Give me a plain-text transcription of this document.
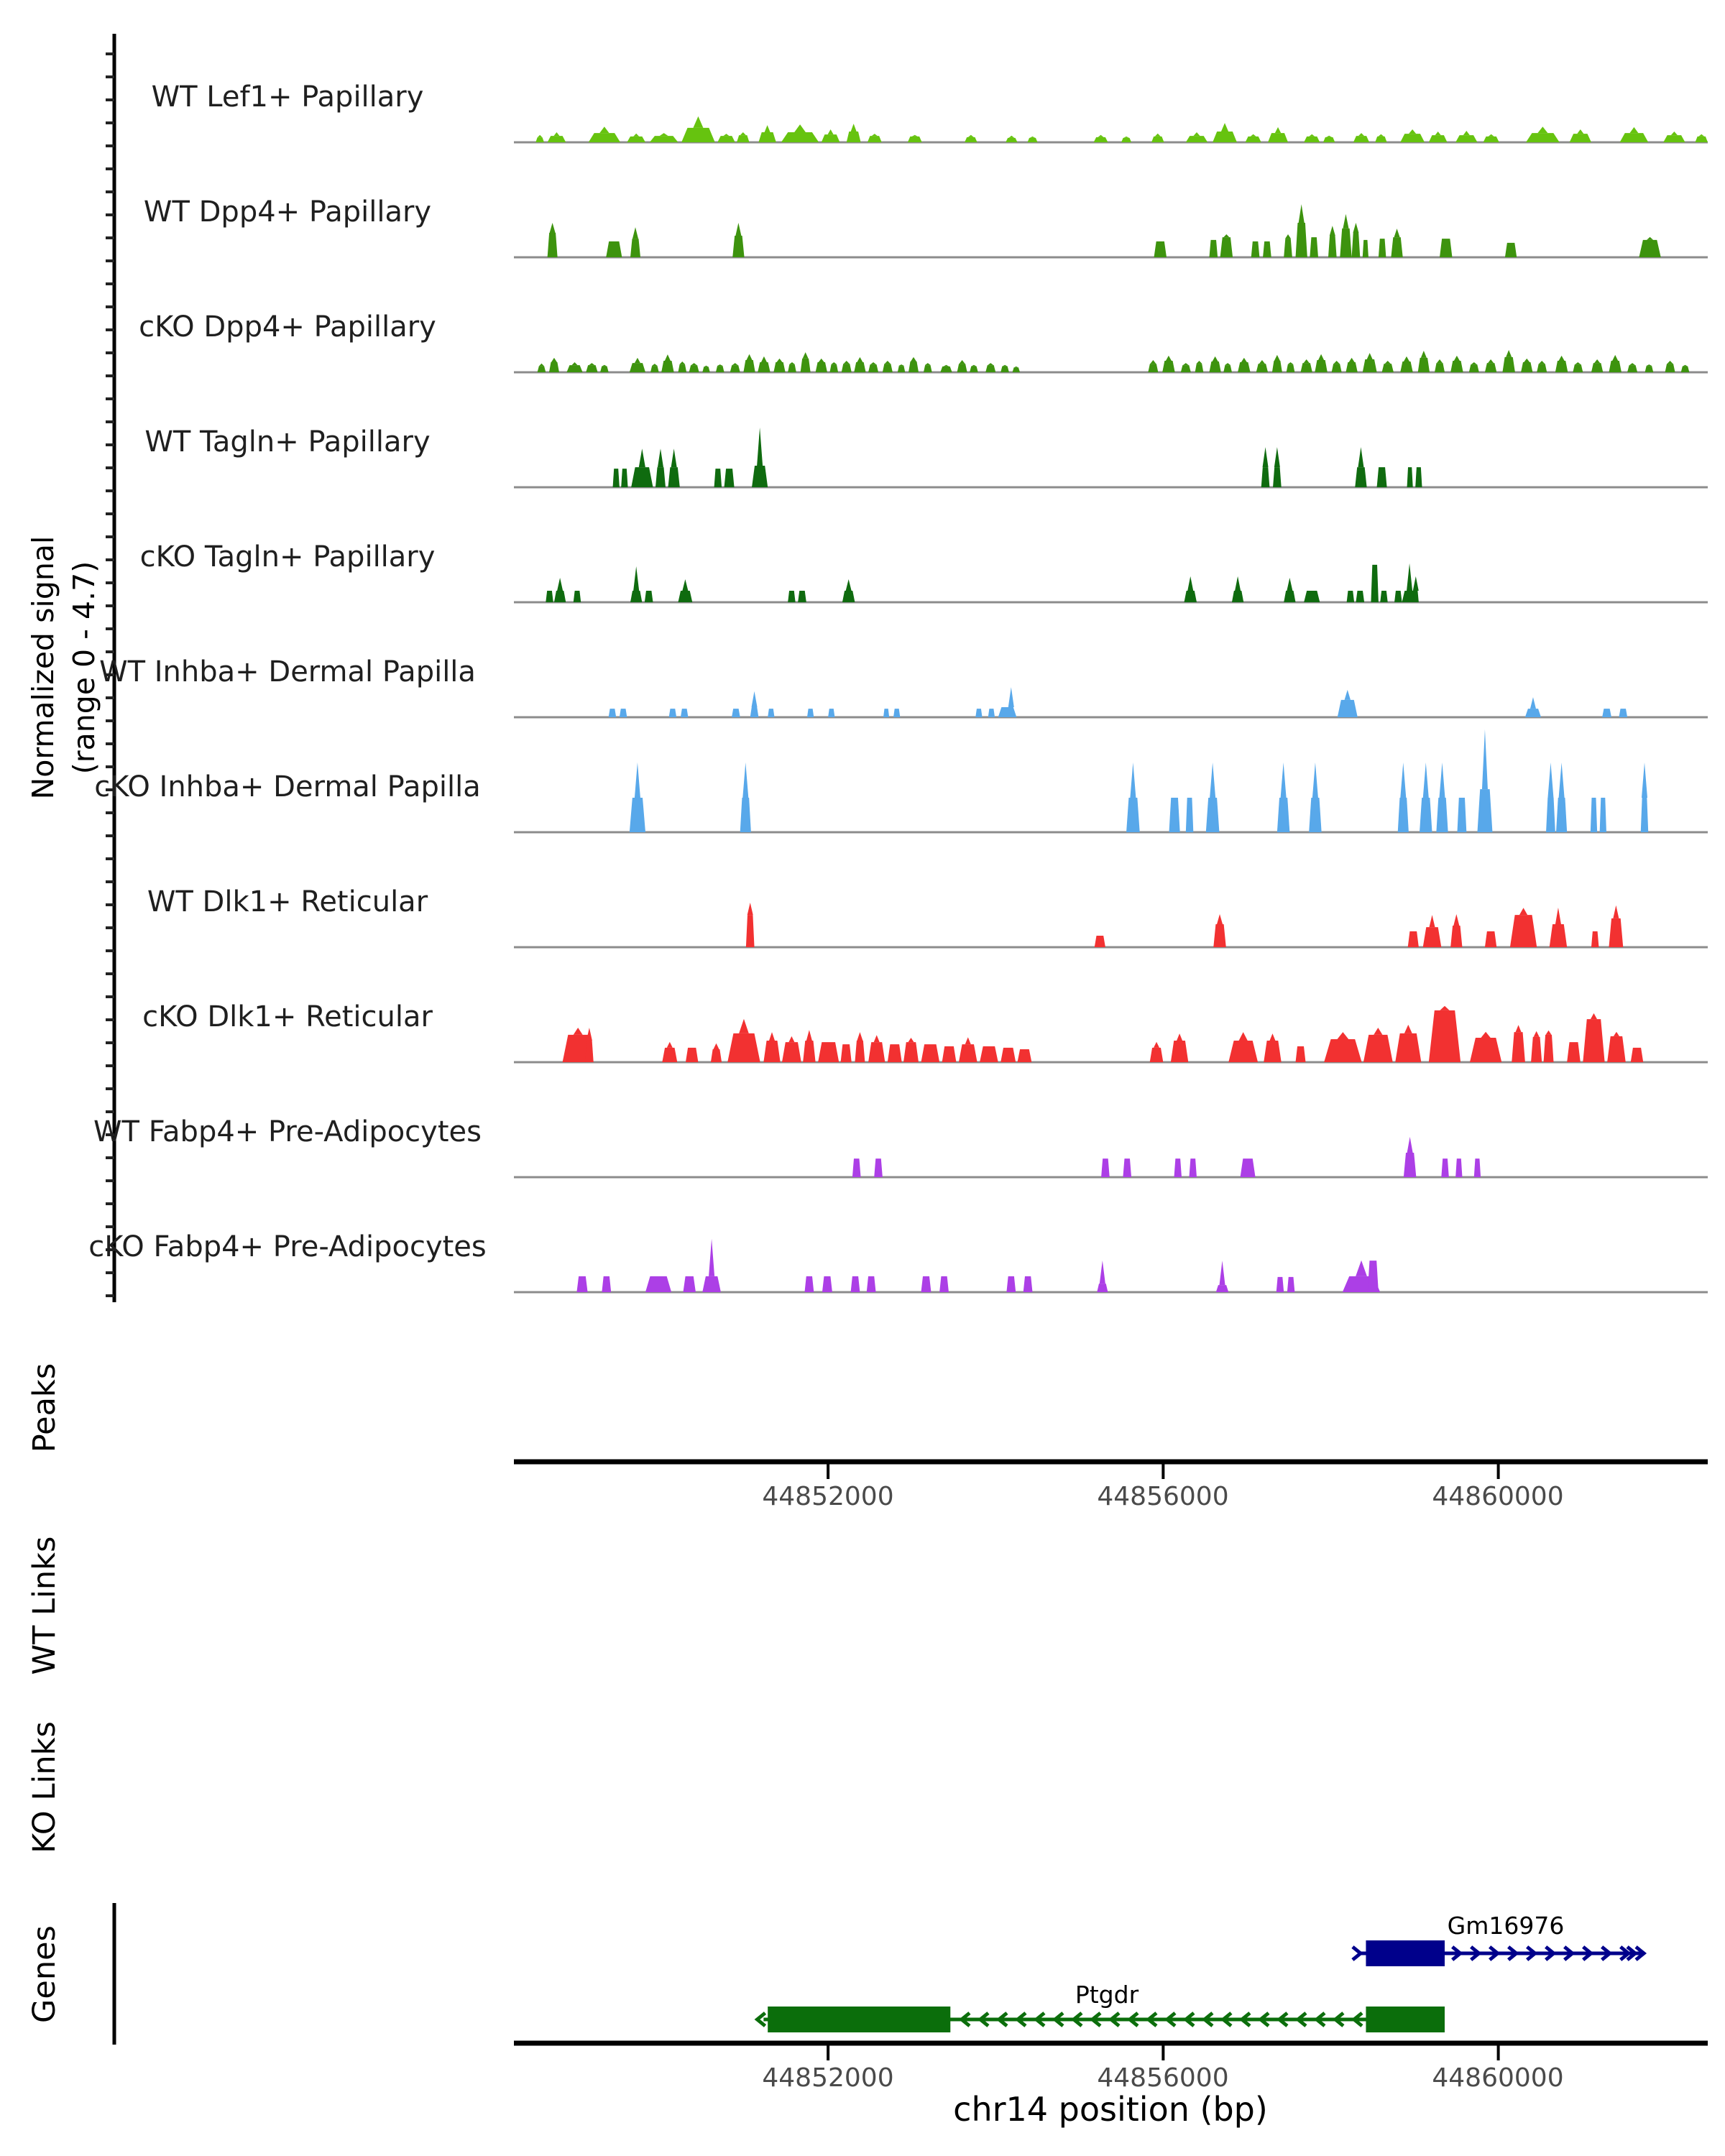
Normalized signal (range 0 - 4.7)
Peaks
WT Links
KO Links
Genes
WT Lef1+ Papillary
WT Dpp4+ Papillary
cKO Dpp4+ Papillary
WT Tagln+ Papillary
cKO Tagln+ Papillary
WT Inhba+ Dermal Papilla
cKO Inhba+ Dermal Papilla
WT Dlk1+ Reticular
cKO Dlk1+ Reticular
WT Fabp4+ Pre-Adipocytes
cKO Fabp4+ Pre-Adipocytes
44852000	44856000	44860000
44852000	44856000	44860000
Gm16976
Ptgdr
chr14 position (bp)
